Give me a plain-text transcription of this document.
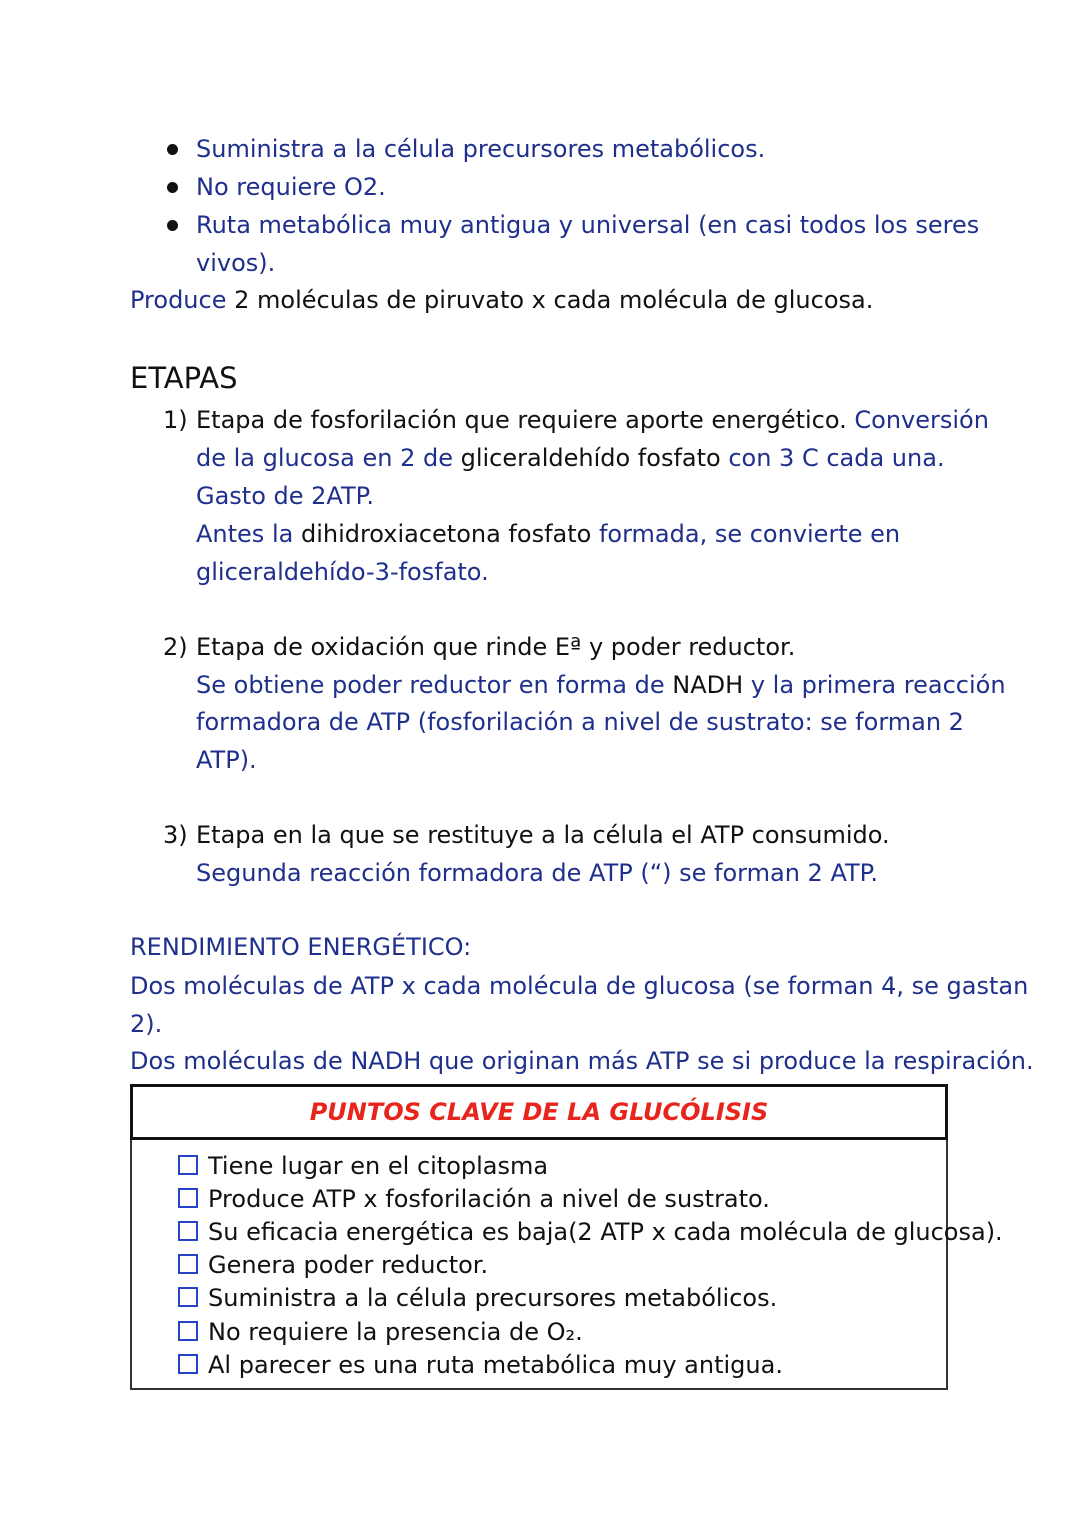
Suministra a la célula precursores metabólicos.
No requiere O2.
Ruta metabólica muy antigua y universal (en casi todos los seres
vivos).
Produce 2 moléculas de piruvato x cada molécula de glucosa.
ETAPAS
1) Etapa de fosforilación que requiere aporte energético. Conversión
de la glucosa en 2 de gliceraldehído fosfato con 3 C cada una.
Gasto de 2ATP.
Antes la dihidroxiacetona fosfato formada, se convierte en
gliceraldehído-3-fosfato.
2) Etapa de oxidación que rinde Eª y poder reductor.
Se obtiene poder reductor en forma de NADH y la primera reacción
formadora de ATP (fosforilación a nivel de sustrato: se forman 2
ATP).
3) Etapa en la que se restituye a la célula el ATP consumido.
Segunda reacción formadora de ATP (“) se forman 2 ATP.
RENDIMIENTO ENERGÉTICO:
Dos moléculas de ATP x cada molécula de glucosa (se forman 4, se gastan
2).
Dos moléculas de NADH que originan más ATP se si produce la respiración.
PUNTOS CLAVE DE LA GLUCÓLISIS
Tiene lugar en el citoplasma
Produce ATP x fosforilación a nivel de sustrato.
Su eficacia energética es baja(2 ATP x cada molécula de glucosa).
Genera poder reductor.
Suministra a la célula precursores metabólicos.
No requiere la presencia de O₂.
Al parecer es una ruta metabólica muy antigua.
